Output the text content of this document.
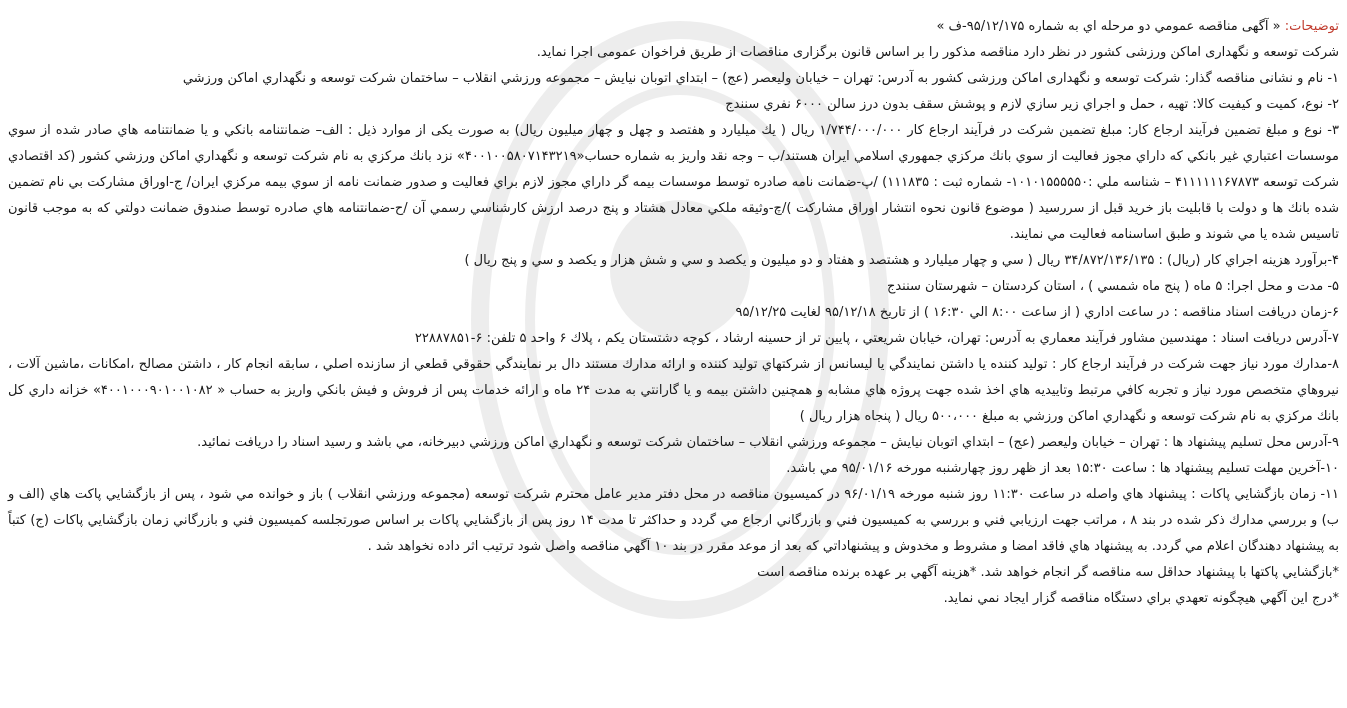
توضیحات: « آگهی مناقصه عمومي دو مرحله اي به شماره ۹۵/۱۲/۱۷۵-ف »

شرکت توسعه و نگهداری اماکن ورزشی کشور در نظر دارد مناقصه مذکور را بر اساس قانون برگزاری مناقصات از طریق فراخوان عمومی اجرا نماید.

۱- نام و نشانی مناقصه گذار: شرکت توسعه و نگهداری اماکن ورزشی کشور به آدرس: تهران – خیابان ولیعصر (عج) – ابتداي اتوبان نيايش – مجموعه ورزشي انقلاب – ساختمان شرکت توسعه و نگهداري اماکن ورزشي

۲- نوع، کمیت و کیفیت کالا: تهیه ، حمل و اجراي زیر سازي لازم و پوشش سقف بدون درز سالن ۶۰۰۰ نفري سنندج

۳- نوع و مبلغ تضمين فرآيند ارجاع کار: مبلغ تضمين شرکت در فرآيند ارجاع کار ۱/۷۴۴/۰۰۰/۰۰۰ ريال ( يك ميليارد و هفتصد و چهل و چهار ميليون ريال) به صورت یکی از موارد ذیل : الف– ضمانتنامه بانكي و يا ضمانتنامه هاي صادر شده از سوي موسسات اعتباري غير بانكي که داراي مجوز فعاليت از سوي بانك مرکزي جمهوري اسلامي ايران هستند/ب – وجه نقد واريز به شماره حساب«۴۰۰۱۰۰۵۸۰۷۱۴۳۲۱۹» نزد بانك مرکزي به نام شرکت توسعه و نگهداري اماکن ورزشي کشور (کد اقتصادي شرکت توسعه ۴۱۱۱۱۱۱۶۷۸۷۳ – شناسه ملي :۱۰۱۰۱۵۵۵۵۵۰- شماره ثبت : ۱۱۱۸۳۵) /پ-ضمانت نامه صادره توسط موسسات بيمه گر داراي مجوز لازم براي فعاليت و صدور ضمانت نامه از سوي بيمه مرکزي ايران/ ج-اوراق مشارکت بي نام تضمين شده بانك ها و دولت با قابليت باز خريد قبل از سررسيد ( موضوع قانون نحوه انتشار اوراق مشارکت )/چ-وثيقه ملكي معادل هشتاد و پنج درصد ارزش کارشناسي رسمي آن /ح-ضمانتنامه هاي صادره توسط صندوق ضمانت دولتي که به موجب قانون تاسيس شده يا مي شوند و طبق اساسنامه فعاليت مي نمايند.

۴-برآورد هزينه اجراي کار (ريال) : ۳۴/۸۷۲/۱۳۶/۱۳۵ ريال ( سي و چهار ميليارد و هشتصد و هفتاد و دو ميليون و يكصد و سي و شش هزار و يكصد و سي و پنج ريال )

۵- مدت و محل اجرا: ۵ ماه ( پنج ماه شمسي ) ، استان کردستان – شهرستان سنندج

۶-زمان دريافت اسناد مناقصه : در ساعت اداري ( از ساعت ۸:۰۰ الي ۱۶:۳۰ ) از تاريخ ۹۵/۱۲/۱۸ لغايت ۹۵/۱۲/۲۵

۷-آدرس دريافت اسناد : مهندسين مشاور فرآيند معماري به آدرس: تهران، خيابان شريعتي ، پايين تر از حسينه ارشاد ، کوچه دشتستان يكم ، پلاك ۶ واحد ۵ تلفن: ۶-۲۲۸۸۷۸۵۱

۸-مدارك مورد نياز جهت شرکت در فرآيند ارجاع کار : توليد کننده يا داشتن نمايندگي يا ليسانس از شرکتهاي توليد کننده و ارائه مدارك مستند دال بر نمايندگي حقوقي قطعي از سازنده اصلي ، سابقه انجام کار ، داشتن مصالح ،امكانات ،ماشين آلات ، نيروهاي متخصص مورد نياز و تجربه کافي مرتبط وتاييديه هاي اخذ شده جهت پروژه هاي مشابه و همچنين داشتن بيمه و يا گارانتي به مدت ۲۴ ماه و ارائه خدمات پس از فروش و فيش بانكي واريز به حساب « ۴۰۰۱۰۰۰۹۰۱۰۰۱۰۸۲» خزانه داري کل بانك مرکزي به نام شرکت توسعه و نگهداري اماکن ورزشي به مبلغ ۵۰۰،۰۰۰ ريال ( پنجاه هزار ريال )

۹-آدرس محل تسليم پيشنهاد ها : تهران – خيابان وليعصر (عج) – ابتداي اتوبان نيايش – مجموعه ورزشي انقلاب – ساختمان شرکت توسعه و نگهداري اماکن ورزشي دبيرخانه، مي باشد و رسيد اسناد را دريافت نمائيد.

۱۰-آخرين مهلت تسليم پيشنهاد ها : ساعت ۱۵:۳۰ بعد از ظهر روز چهارشنبه مورخه ۹۵/۰۱/۱۶ مي باشد.

۱۱- زمان بازگشايي پاکات : پيشنهاد هاي واصله در ساعت ۱۱:۳۰ روز شنبه مورخه ۹۶/۰۱/۱۹ در کميسيون مناقصه در محل دفتر مدير عامل محترم شرکت توسعه (مجموعه ورزشي انقلاب ) باز و خوانده مي شود ، پس از بازگشايي پاکت هاي (الف و ب) و بررسي مدارك ذکر شده در بند ۸ ، مراتب جهت ارزيابي فني و بررسي به کميسيون فني و بازرگاني ارجاع مي گردد و حداکثر تا مدت ۱۴ روز پس از بازگشايي پاکات بر اساس صورتجلسه کميسيون فني و بازرگاني زمان بازگشايي پاکات (ج) کتباً به پيشنهاد دهندگان اعلام مي گردد. به پيشنهاد هاي فاقد امضا و مشروط و مخدوش و پيشنهاداتي که بعد از موعد مقرر در بند ۱۰ آگهي مناقصه واصل شود ترتيب اثر داده نخواهد شد .

*بازگشايي پاکتها با پيشنهاد حداقل سه مناقصه گر انجام خواهد شد. *هزينه آگهي بر عهده برنده مناقصه است

*درج اين آگهي هيچگونه تعهدي براي دستگاه مناقصه گزار ايجاد نمي نمايد.
